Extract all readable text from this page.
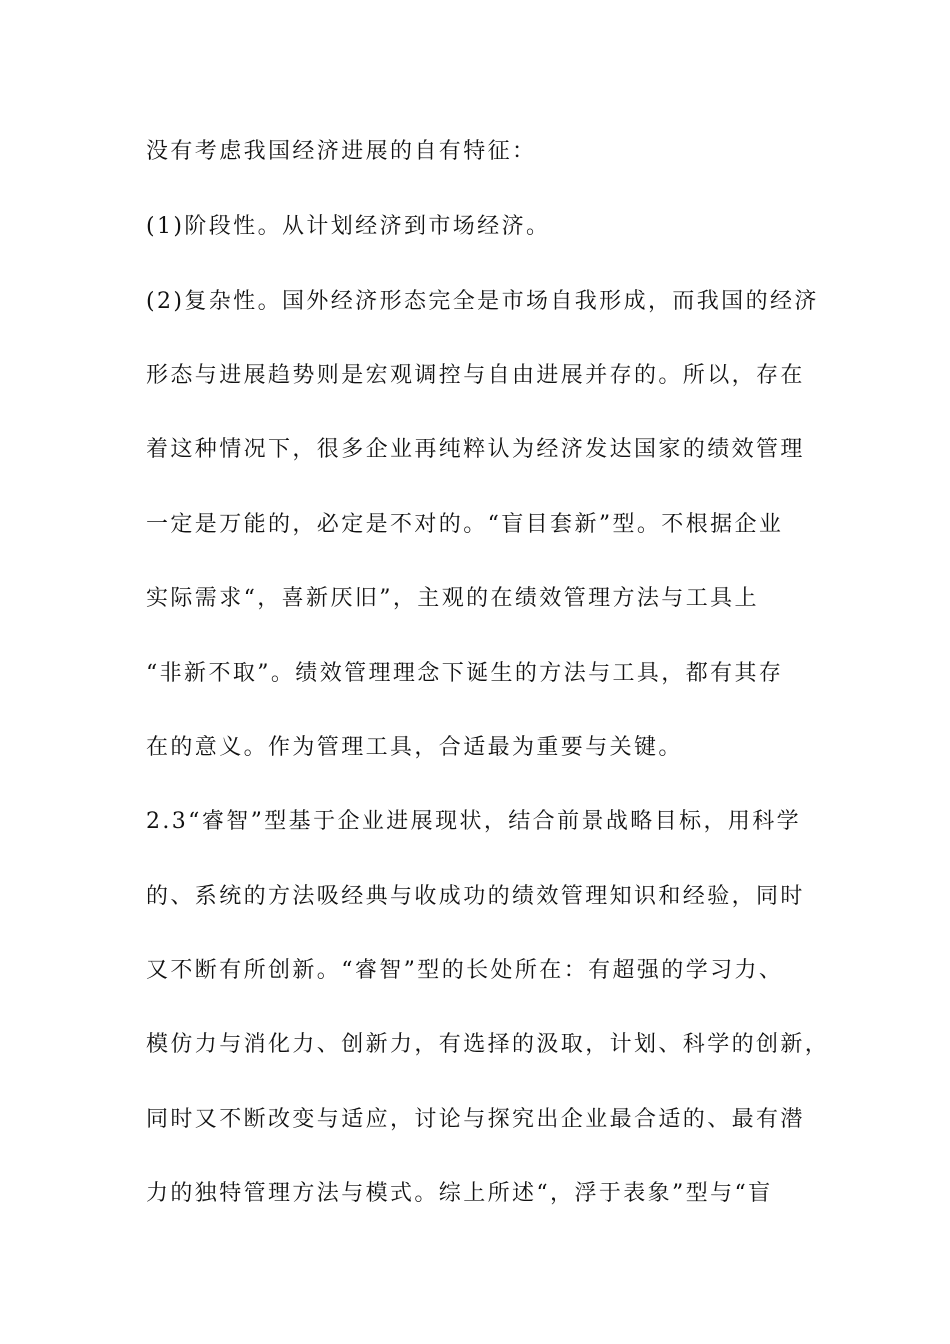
没有考虑我国经济进展的自有特征：

(1)阶段性。从计划经济到市场经济。

(2)复杂性。国外经济形态完全是市场自我形成，而我国的经济

形态与进展趋势则是宏观调控与自由进展并存的。所以，存在

着这种情况下，很多企业再纯粹认为经济发达国家的绩效管理

一定是万能的，必定是不对的。“盲目套新”型。不根据企业

实际需求“，喜新厌旧”，主观的在绩效管理方法与工具上

“非新不取”。绩效管理理念下诞生的方法与工具，都有其存

在的意义。作为管理工具，合适最为重要与关键。

2.3“睿智”型基于企业进展现状，结合前景战略目标，用科学

的、系统的方法吸经典与收成功的绩效管理知识和经验，同时

又不断有所创新。“睿智”型的长处所在：有超强的学习力、

模仿力与消化力、创新力，有选择的汲取，计划、科学的创新，

同时又不断改变与适应，讨论与探究出企业最合适的、最有潜

力的独特管理方法与模式。综上所述“，浮于表象”型与“盲
